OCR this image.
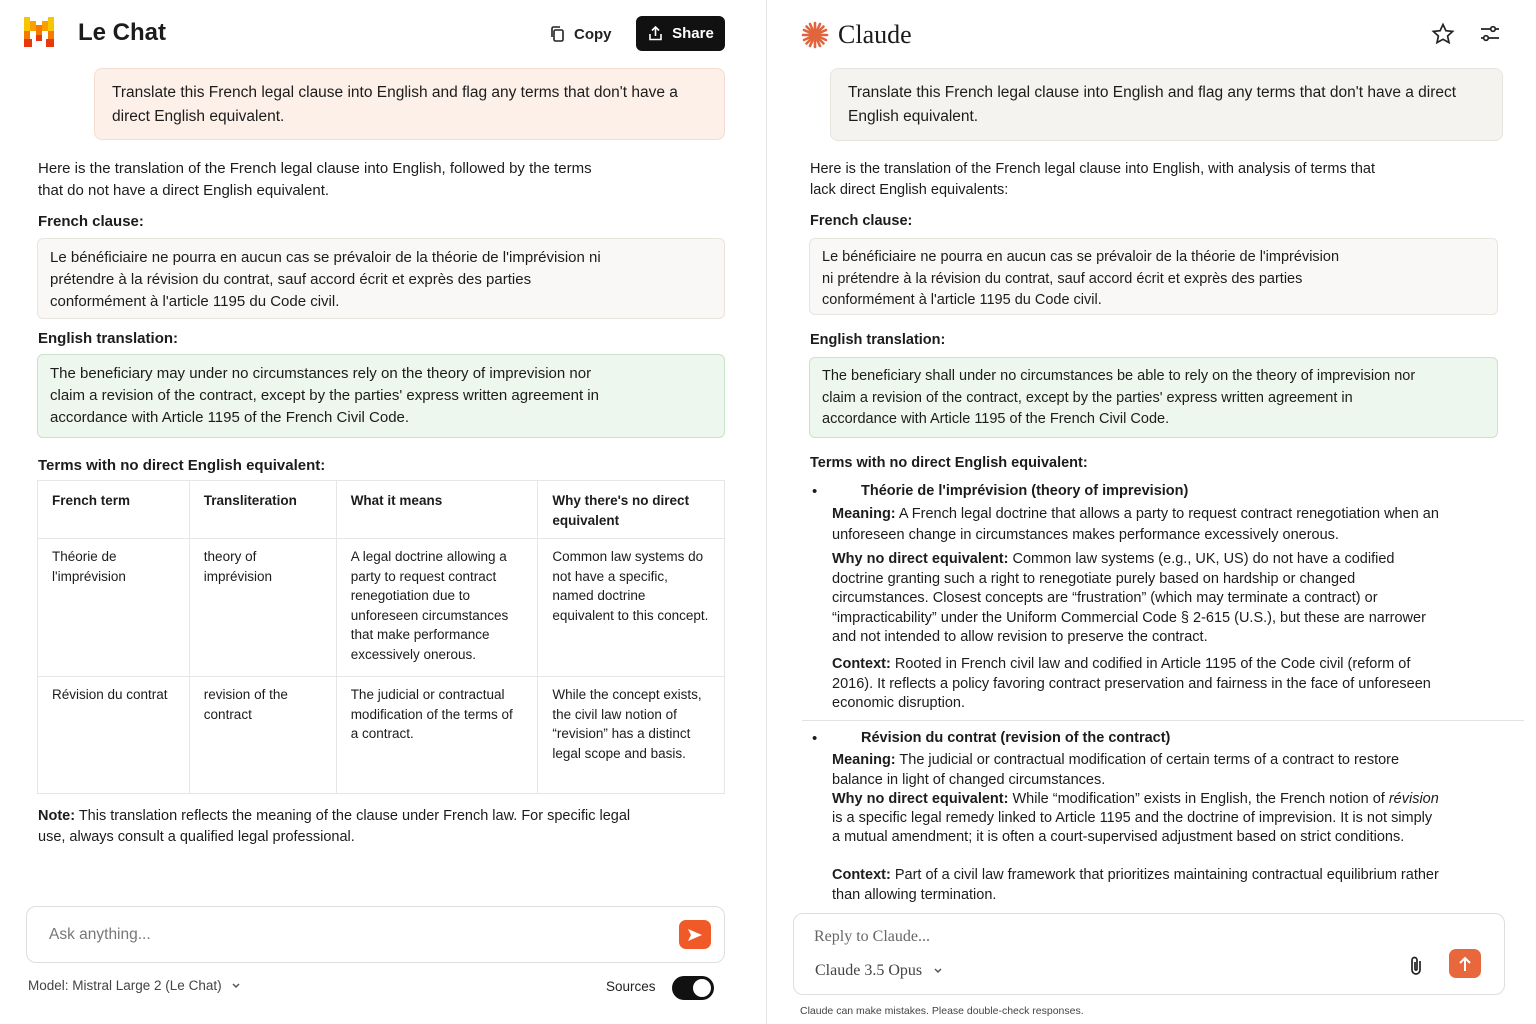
Le Chat	Copy	Share
Translate this French legal clause into English and flag any terms that don't have a direct English equivalent.
Here is the translation of the French legal clause into English, followed by the terms that do not have a direct English equivalent.
French clause:
Le bénéficiaire ne pourra en aucun cas se prévaloir de la théorie de l'imprévision ni prétendre à la révision du contrat, sauf accord écrit et exprès des parties conformément à l'article 1195 du Code civil.
English translation:
The beneficiary may under no circumstances rely on the theory of imprevision nor claim a revision of the contract, except by the parties' express written agreement in accordance with Article 1195 of the French Civil Code.
Terms with no direct English equivalent:
French term	Transliteration	What it means	Why there's no direct equivalent
Théorie de l'imprévision	theory of imprévision	A legal doctrine allowing a party to request contract renegotiation due to unforeseen circumstances that make performance excessively onerous.	Common law systems do not have a specific, named doctrine equivalent to this concept.
Révision du contrat	revision of the contract	The judicial or contractual modification of the terms of a contract.	While the concept exists, the civil law notion of “revision” has a distinct legal scope and basis.
Note: This translation reflects the meaning of the clause under French law. For specific legal use, always consult a qualified legal professional.
Ask anything...
Model: Mistral Large 2 (Le Chat)	Sources
Claude
Translate this French legal clause into English and flag any terms that don't have a direct English equivalent.
Here is the translation of the French legal clause into English, with analysis of terms that lack direct English equivalents:
French clause:
Le bénéficiaire ne pourra en aucun cas se prévaloir de la théorie de l'imprévision ni prétendre à la révision du contrat, sauf accord écrit et exprès des parties conformément à l'article 1195 du Code civil.
English translation:
The beneficiary shall under no circumstances be able to rely on the theory of imprevision nor claim a revision of the contract, except by the parties' express written agreement in accordance with Article 1195 of the French Civil Code.
Terms with no direct English equivalent:
•	Théorie de l'imprévision (theory of imprevision)
Meaning: A French legal doctrine that allows a party to request contract renegotiation when an unforeseen change in circumstances makes performance excessively onerous.
Why no direct equivalent: Common law systems (e.g., UK, US) do not have a codified doctrine granting such a right to renegotiate purely based on hardship or changed circumstances. Closest concepts are “frustration” (which may terminate a contract) or “impracticability” under the Uniform Commercial Code § 2-615 (U.S.), but these are narrower and not intended to allow revision to preserve the contract.
Context: Rooted in French civil law and codified in Article 1195 of the Code civil (reform of 2016). It reflects a policy favoring contract preservation and fairness in the face of unforeseen economic disruption.
•	Révision du contrat (revision of the contract)
Meaning: The judicial or contractual modification of certain terms of a contract to restore balance in light of changed circumstances.
Why no direct equivalent: While “modification” exists in English, the French notion of révision is a specific legal remedy linked to Article 1195 and the doctrine of imprevision. It is not simply a mutual amendment; it is often a court-supervised adjustment based on strict conditions.
Context: Part of a civil law framework that prioritizes maintaining contractual equilibrium rather than allowing termination.
Reply to Claude...
Claude 3.5 Opus
Claude can make mistakes. Please double-check responses.
